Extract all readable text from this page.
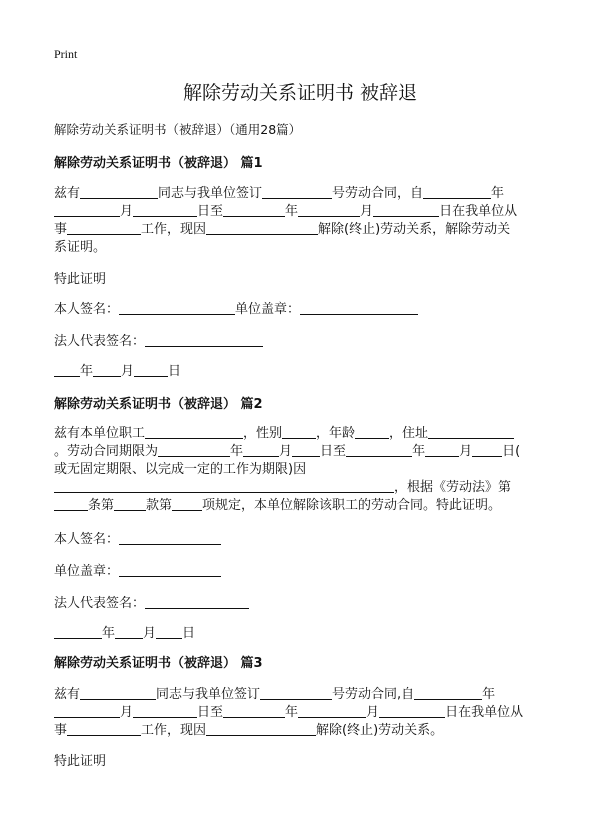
Print
解除劳动关系证明书 被辞退
解除劳动关系证明书（被辞退）（通用28篇）
解除劳动关系证明书（被辞退） 篇1
兹有	同志与我单位签订	号劳动合同，自	年
月	日至	年	月	日在我单位从
事	工作，现因	解除(终止)劳动关系，解除劳动关
系证明。
特此证明
本人签名：	单位盖章：
法人代表签名：
年 月	日
解除劳动关系证明书（被辞退） 篇2
兹有本单位职工	，性别	，年龄	，住址
。劳动合同期限为	年	月 日至	年	月 日(
或无固定期限、以完成一定的工作为期限)因
，根据《劳动法》第
条第 款第 项规定，本单位解除该职工的劳动合同。特此证明。
本人签名：
单位盖章：
法人代表签名：
年 月 日
解除劳动关系证明书（被辞退） 篇3
兹有	同志与我单位签订	号劳动合同,自	年
月	日至	年	月	日在我单位从
事	工作，现因	解除(终止)劳动关系。
特此证明
